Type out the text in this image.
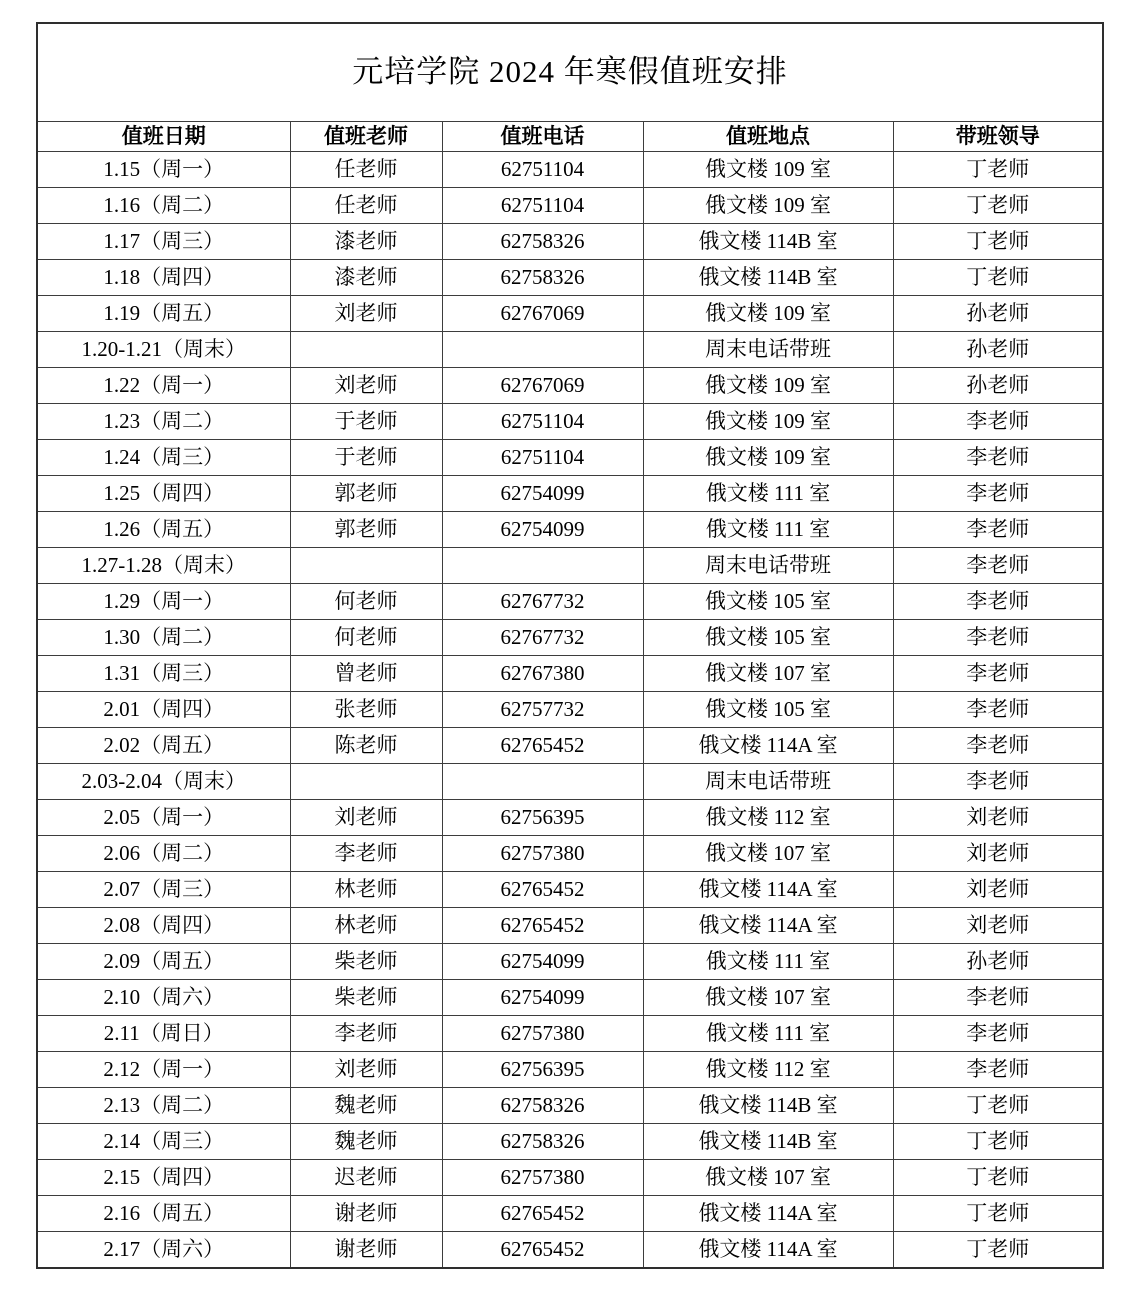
元培学院 2024 年寒假值班安排				
值班日期	值班老师	值班电话	值班地点	带班领导
1.15（周一）	任老师	62751104	俄文楼 109 室	丁老师
1.16（周二）	任老师	62751104	俄文楼 109 室	丁老师
1.17（周三）	漆老师	62758326	俄文楼 114B 室	丁老师
1.18（周四）	漆老师	62758326	俄文楼 114B 室	丁老师
1.19（周五）	刘老师	62767069	俄文楼 109 室	孙老师
1.20-1.21（周末）			周末电话带班	孙老师
1.22（周一）	刘老师	62767069	俄文楼 109 室	孙老师
1.23（周二）	于老师	62751104	俄文楼 109 室	李老师
1.24（周三）	于老师	62751104	俄文楼 109 室	李老师
1.25（周四）	郭老师	62754099	俄文楼 111 室	李老师
1.26（周五）	郭老师	62754099	俄文楼 111 室	李老师
1.27-1.28（周末）			周末电话带班	李老师
1.29（周一）	何老师	62767732	俄文楼 105 室	李老师
1.30（周二）	何老师	62767732	俄文楼 105 室	李老师
1.31（周三）	曾老师	62767380	俄文楼 107 室	李老师
2.01（周四）	张老师	62757732	俄文楼 105 室	李老师
2.02（周五）	陈老师	62765452	俄文楼 114A 室	李老师
2.03-2.04（周末）			周末电话带班	李老师
2.05（周一）	刘老师	62756395	俄文楼 112 室	刘老师
2.06（周二）	李老师	62757380	俄文楼 107 室	刘老师
2.07（周三）	林老师	62765452	俄文楼 114A 室	刘老师
2.08（周四）	林老师	62765452	俄文楼 114A 室	刘老师
2.09（周五）	柴老师	62754099	俄文楼 111 室	孙老师
2.10（周六）	柴老师	62754099	俄文楼 107 室	李老师
2.11（周日）	李老师	62757380	俄文楼 111 室	李老师
2.12（周一）	刘老师	62756395	俄文楼 112 室	李老师
2.13（周二）	魏老师	62758326	俄文楼 114B 室	丁老师
2.14（周三）	魏老师	62758326	俄文楼 114B 室	丁老师
2.15（周四）	迟老师	62757380	俄文楼 107 室	丁老师
2.16（周五）	谢老师	62765452	俄文楼 114A 室	丁老师
2.17（周六）	谢老师	62765452	俄文楼 114A 室	丁老师
